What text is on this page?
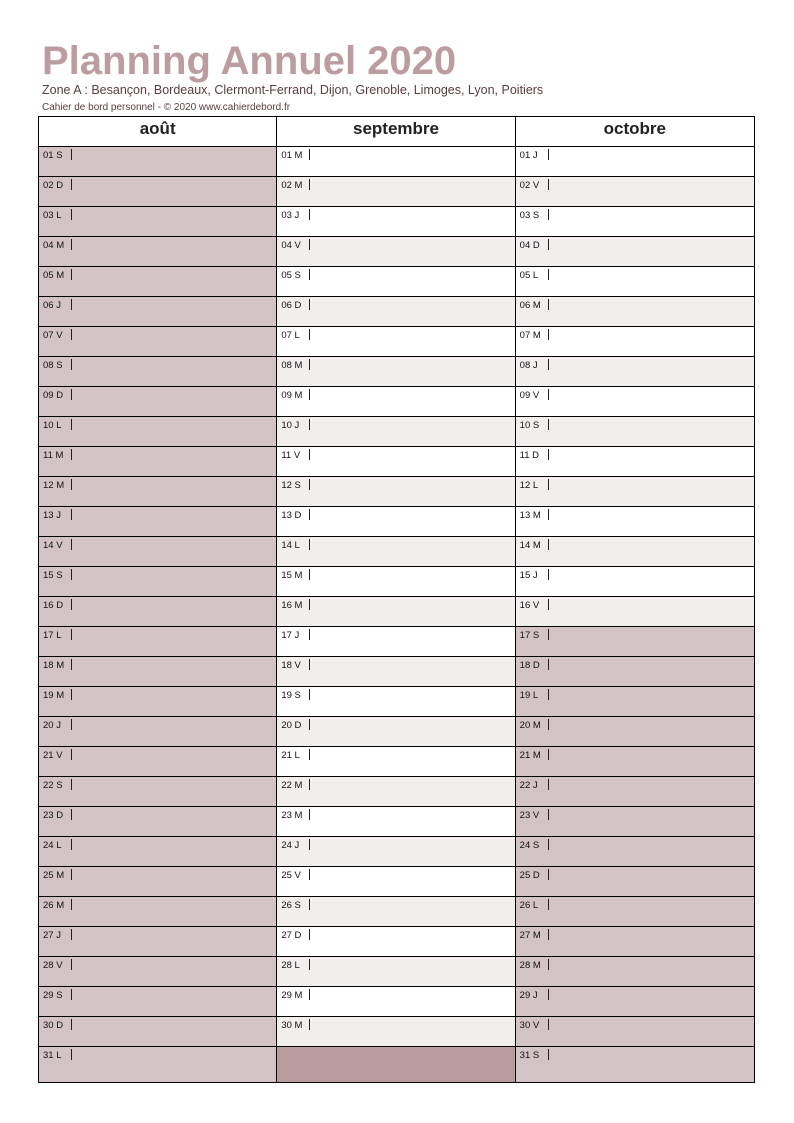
Planning Annuel 2020
Zone A : Besançon, Bordeaux, Clermont-Ferrand, Dijon, Grenoble, Limoges, Lyon, Poitiers
Cahier de bord personnel - © 2020 www.cahierdebord.fr
août
01 S
02 D
03 L
04 M
05 M
06 J
07 V
08 S
09 D
10 L
11 M
12 M
13 J
14 V
15 S
16 D
17 L
18 M
19 M
20 J
21 V
22 S
23 D
24 L
25 M
26 M
27 J
28 V
29 S
30 D
31 L
septembre
01 M
02 M
03 J
04 V
05 S
06 D
07 L
08 M
09 M
10 J
11 V
12 S
13 D
14 L
15 M
16 M
17 J
18 V
19 S
20 D
21 L
22 M
23 M
24 J
25 V
26 S
27 D
28 L
29 M
30 M
octobre
01 J
02 V
03 S
04 D
05 L
06 M
07 M
08 J
09 V
10 S
11 D
12 L
13 M
14 M
15 J
16 V
17 S
18 D
19 L
20 M
21 M
22 J
23 V
24 S
25 D
26 L
27 M
28 M
29 J
30 V
31 S
